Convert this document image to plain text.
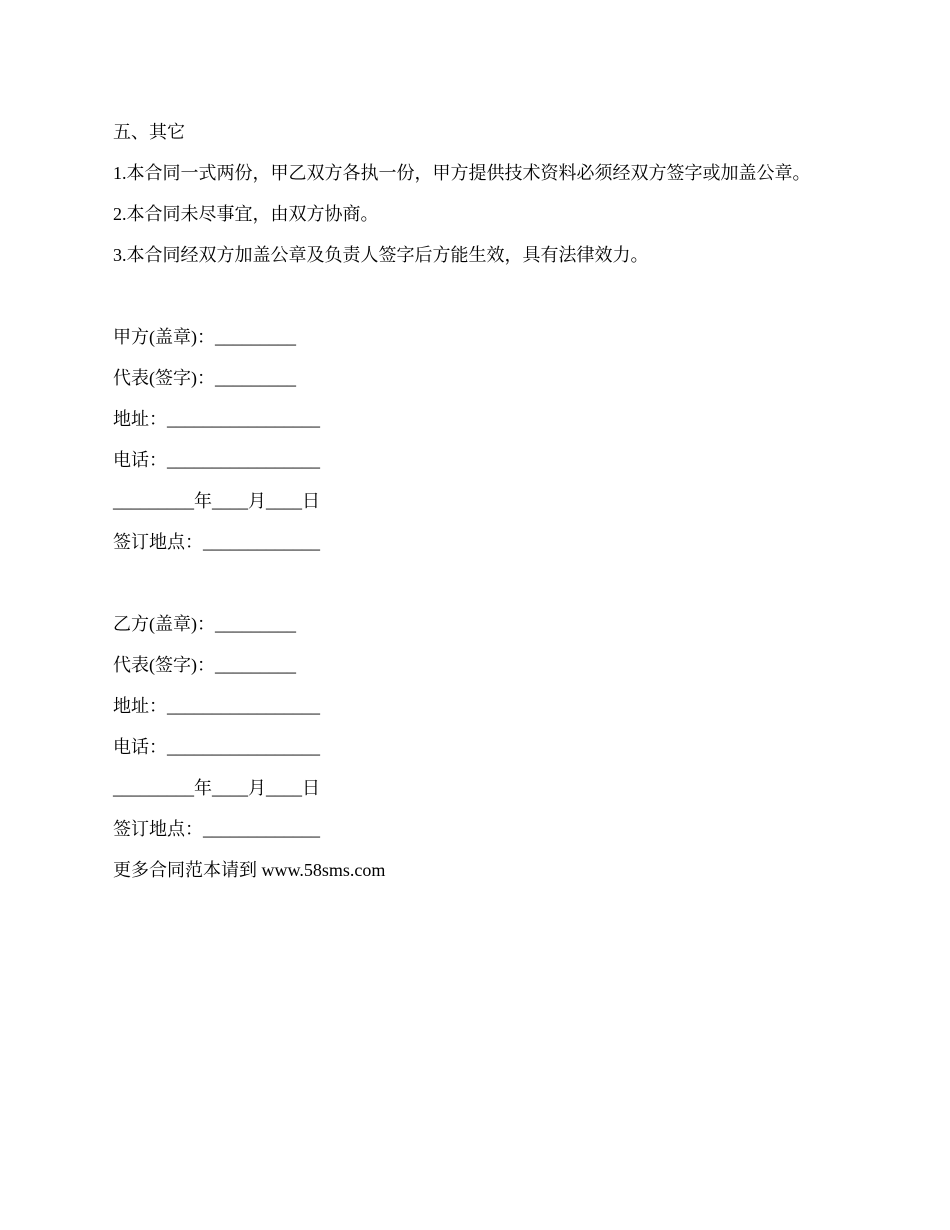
五、其它
1.本合同一式两份，甲乙双方各执一份，甲方提供技术资料必须经双方签字或加盖公章。
2.本合同未尽事宜，由双方协商。
3.本合同经双方加盖公章及负责人签字后方能生效，具有法律效力。
甲方(盖章)：_________
代表(签字)：_________
地址：_________________
电话：_________________
_________年____月____日
签订地点：_____________
乙方(盖章)：_________
代表(签字)：_________
地址：_________________
电话：_________________
_________年____月____日
签订地点：_____________
更多合同范本请到 www.58sms.com
